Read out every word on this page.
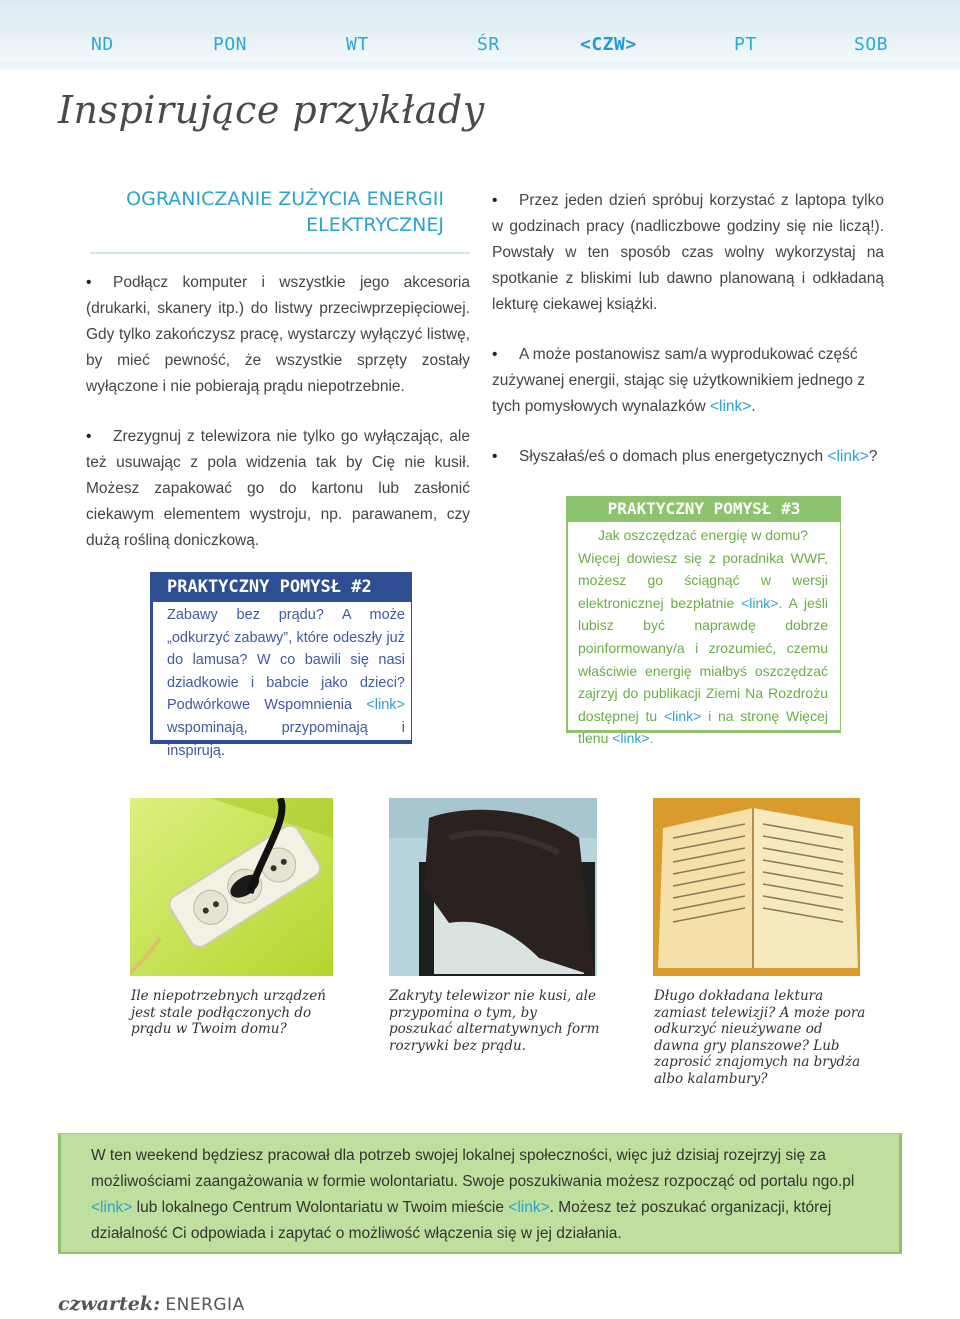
ND	PON	WT	ŚR	<CZW>	PT	SOB
Inspirujące przykłady
OGRANICZANIE ZUŻYCIA ENERGII
ELEKTRYCZNEJ

• Podłącz komputer i wszystkie jego akcesoria (drukarki, skanery itp.) do listwy przeciwprzepięciowej. Gdy tylko zakończysz pracę, wystarczy wyłączyć listwę, by mieć pewność, że wszystkie sprzęty zostały wyłączone i nie pobierają prądu niepotrzebnie.

• Zrezygnuj z telewizora nie tylko go wyłączając, ale też usuwając z pola widzenia tak by Cię nie kusił. Możesz zapakować go do kartonu lub zasłonić ciekawym elementem wystroju, np. parawanem, czy dużą rośliną doniczkową.

• Przez jeden dzień spróbuj korzystać z laptopa tylko w godzinach pracy (nadliczbowe godziny się nie liczą!). Powstały w ten sposób czas wolny wykorzystaj na spotkanie z bliskimi lub dawno planowaną i odkładaną lekturę ciekawej książki.

• A może postanowisz sam/a wyprodukować część zużywanej energii, stając się użytkownikiem jednego z tych pomysłowych wynalazków <link>.

• Słyszałaś/eś o domach plus energetycznych <link>?

PRAKTYCZNY POMYSŁ #2

Zabawy bez prądu? A może „odkurzyć zabawy”, które odeszły już do lamusa? W co bawili się nasi dziadkowie i babcie jako dzieci? Podwórkowe Wspomnienia <link> wspominają, przypominają i inspirują.

PRAKTYCZNY POMYSŁ #3

Jak oszczędzać energię w domu?
Więcej dowiesz się z poradnika WWF, możesz go ściągnąć w wersji elektronicznej bezpłatnie <link>. A jeśli lubisz być naprawdę dobrze poinformowany/a i zrozumieć, czemu właściwie energię miałbyś oszczędzać zajrzyj do publikacji Ziemi Na Rozdrożu dostępnej tu <link> i na stronę Więcej tlenu <link>.

Ile niepotrzebnych urządzeń jest stale podłączonych do prądu w Twoim domu?

Zakryty telewizor nie kusi, ale przypomina o tym, by poszukać alternatywnych form rozrywki bez prądu.

Długo dokładana lektura zamiast telewizji? A może pora odkurzyć nieużywane od dawna gry planszowe? Lub zaprosić znajomych na brydża albo kalambury?

W ten weekend będziesz pracował dla potrzeb swojej lokalnej społeczności, więc już dzisiaj rozejrzyj się za możliwościami zaangażowania w formie wolontariatu. Swoje poszukiwania możesz rozpocząć od portalu ngo.pl <link> lub lokalnego Centrum Wolontariatu w Twoim mieście <link>. Możesz też poszukać organizacji, której działalność Ci odpowiada i zapytać o możliwość włączenia się w jej działania.

czwartek: ENERGIA
